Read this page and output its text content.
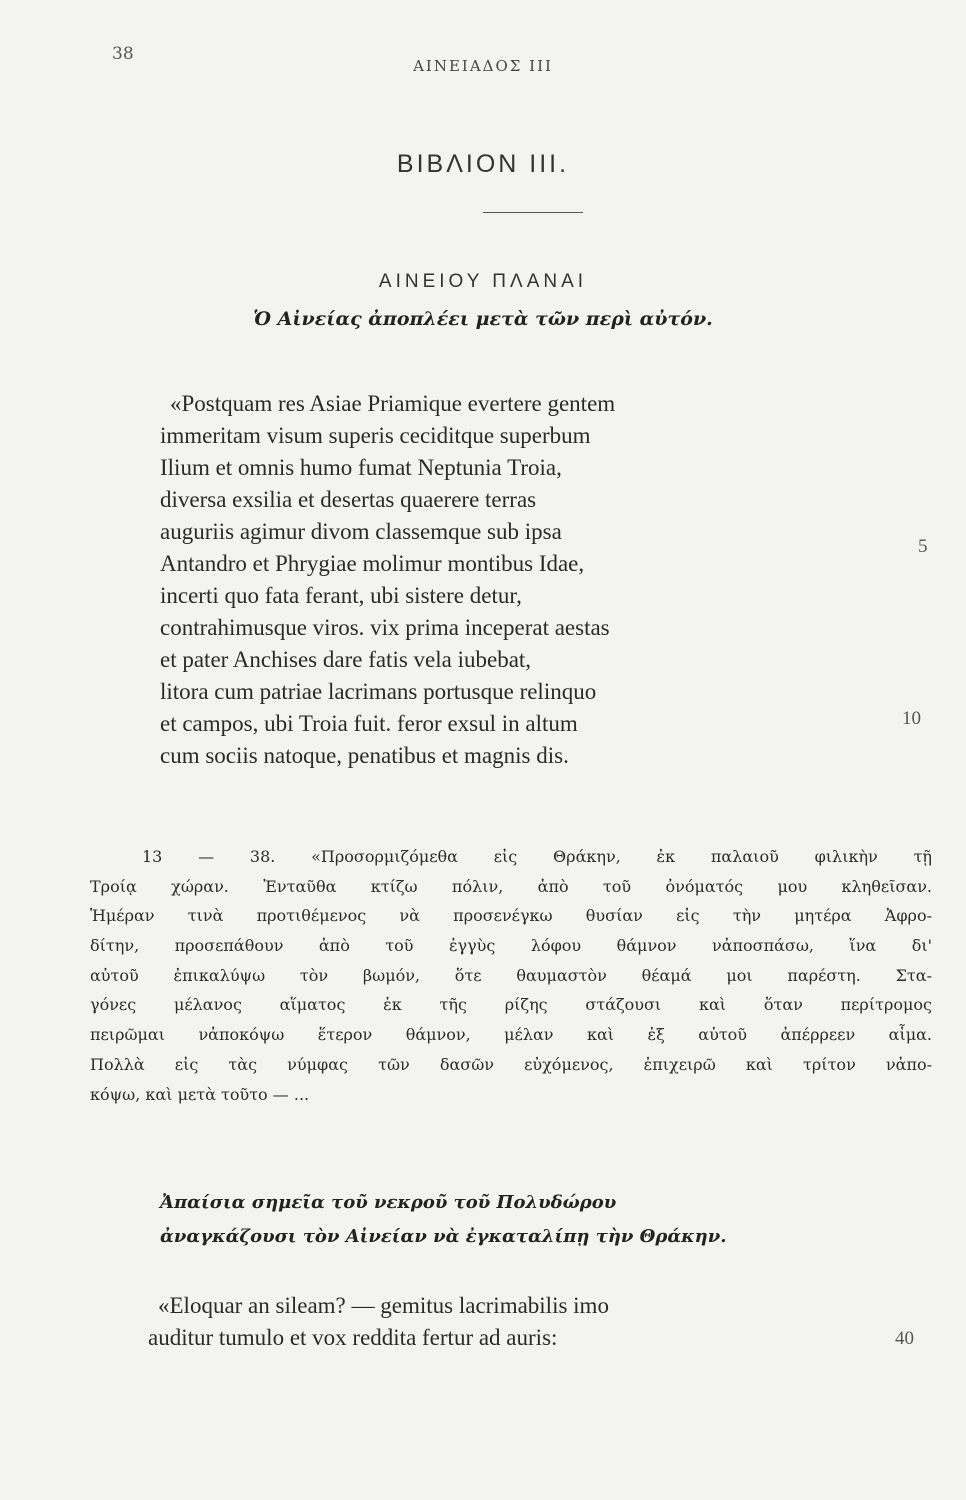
38
ΑΙΝΕΙΑΔΟΣ ΙΙΙ
ΒΙΒΛΙΟΝ ΙΙΙ.
ΑΙΝΕΙΟΥ ΠΛΑΝΑΙ
Ὁ Αἰνείας ἀποπλέει μετὰ τῶν περὶ αὐτόν.
«Postquam res Asiae Priamique evertere gentem
immeritam visum superis ceciditque superbum
Ilium et omnis humo fumat Neptunia Troia,
diversa exsilia et desertas quaerere terras
auguriis agimur divom classemque sub ipsa
Antandro et Phrygiae molimur montibus Idae,
incerti quo fata ferant, ubi sistere detur,
contrahimusque viros. vix prima inceperat aestas
et pater Anchises dare fatis vela iubebat,
litora cum patriae lacrimans portusque relinquo
et campos, ubi Troia fuit. feror exsul in altum
cum sociis natoque, penatibus et magnis dis.
5
10
13 — 38. «Προσορμιζόμεθα εἰς Θράκην, ἐκ παλαιοῦ φιλικὴν τῇ
Τροίᾳ χώραν. Ἐνταῦθα κτίζω πόλιν, ἀπὸ τοῦ ὀνόματός μου κληθεῖσαν.
Ἡμέραν τινὰ προτιθέμενος νὰ προσενέγκω θυσίαν εἰς τὴν μητέρα Ἀφρο-
δίτην, προσεπάθουν ἀπὸ τοῦ ἐγγὺς λόφου θάμνον νἀποσπάσω, ἵνα δι'
αὐτοῦ ἐπικαλύψω τὸν βωμόν, ὅτε θαυμαστὸν θέαμά μοι παρέστη. Στα-
γόνες μέλανος αἵματος ἐκ τῆς ρίζης στάζουσι καὶ ὅταν περίτρομος
πειρῶμαι νἀποκόψω ἕτερον θάμνον, μέλαν καὶ ἐξ αὐτοῦ ἀπέρρεεν αἷμα.
Πολλὰ εἰς τὰς νύμφας τῶν δασῶν εὐχόμενος, ἐπιχειρῶ καὶ τρίτον νἀπο-
κόψω, καὶ μετὰ τοῦτο — ...
Ἀπαίσια σημεῖα τοῦ νεκροῦ τοῦ Πολυδώρου
ἀναγκάζουσι τὸν Αἰνείαν νὰ ἐγκαταλίπῃ τὴν Θράκην.
«Eloquar an sileam? — gemitus lacrimabilis imo
auditur tumulo et vox reddita fertur ad auris:	40
